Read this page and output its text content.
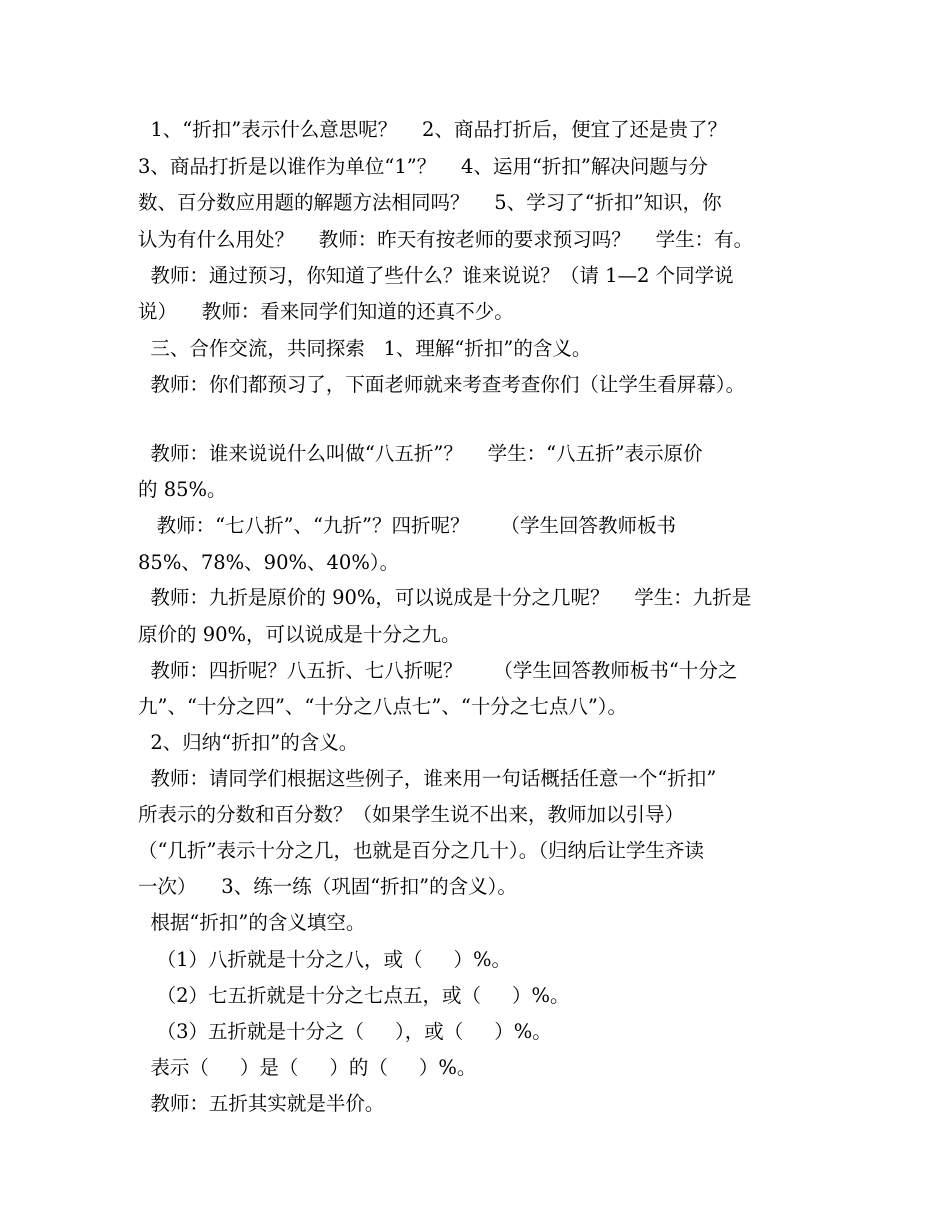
1、“折扣”表示什么意思呢？    2、商品打折后，便宜了还是贵了？
3、商品打折是以谁作为单位“1”？    4、运用“折扣”解决问题与分
数、百分数应用题的解题方法相同吗？    5、学习了“折扣”知识，你
认为有什么用处？    教师：昨天有按老师的要求预习吗？    学生：有。
教师：通过预习，你知道了些什么？谁来说说？（请 1—2 个同学说
说）    教师：看来同学们知道的还真不少。
三、合作交流，共同探索   1、理解“折扣”的含义。
教师：你们都预习了，下面老师就来考查考查你们（让学生看屏幕）。
教师：谁来说说什么叫做“八五折”？    学生：“八五折”表示原价
的 85%。
教师：“七八折”、“九折”？四折呢？     （学生回答教师板书
85%、78%、90%、40%）。
教师：九折是原价的 90%，可以说成是十分之几呢？    学生：九折是
原价的 90%，可以说成是十分之九。
教师：四折呢？八五折、七八折呢？     （学生回答教师板书“十分之
九”、“十分之四”、“十分之八点七”、“十分之七点八”）。
2、归纳“折扣”的含义。
教师：请同学们根据这些例子，谁来用一句话概括任意一个“折扣”
所表示的分数和百分数？（如果学生说不出来，教师加以引导）
（“几折”表示十分之几，也就是百分之几十）。（归纳后让学生齐读
一次）    3、练一练（巩固“折扣”的含义）。
根据“折扣”的含义填空。
（1）八折就是十分之八，或（     ）%。
（2）七五折就是十分之七点五，或（     ）%。
（3）五折就是十分之（     ），或（     ）%。
表示（     ）是（     ）的（     ）%。
教师：五折其实就是半价。
